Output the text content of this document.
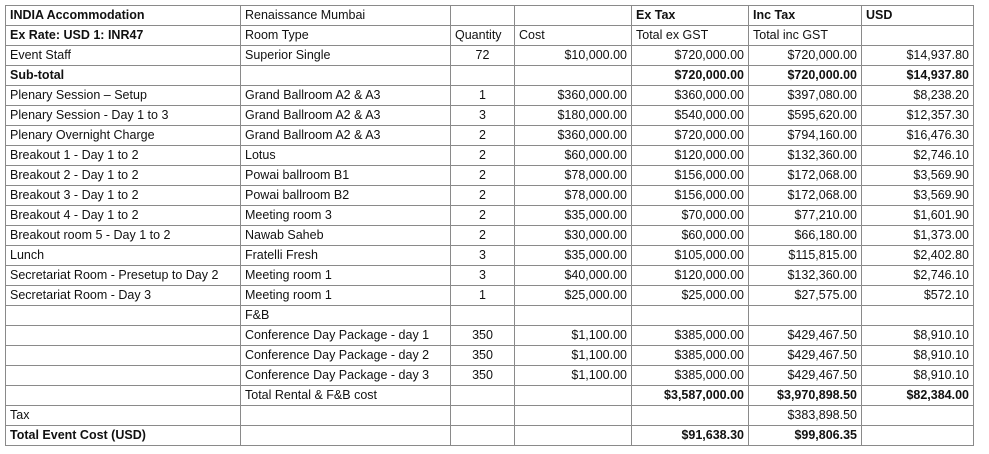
INDIA Accommodation	Renaissance Mumbai			Ex Tax	Inc Tax	USD
Ex Rate: USD 1: INR47	Room Type	Quantity	Cost	Total ex GST	Total inc GST	
Event Staff	Superior Single	72	$10,000.00	$720,000.00	$720,000.00	$14,937.80
Sub-total				$720,000.00	$720,000.00	$14,937.80
Plenary Session – Setup	Grand Ballroom A2 & A3	1	$360,000.00	$360,000.00	$397,080.00	$8,238.20
Plenary Session - Day 1 to 3	Grand Ballroom A2 & A3	3	$180,000.00	$540,000.00	$595,620.00	$12,357.30
Plenary Overnight Charge	Grand Ballroom A2 & A3	2	$360,000.00	$720,000.00	$794,160.00	$16,476.30
Breakout 1 - Day 1 to 2	Lotus	2	$60,000.00	$120,000.00	$132,360.00	$2,746.10
Breakout 2 - Day 1 to 2	Powai ballroom B1	2	$78,000.00	$156,000.00	$172,068.00	$3,569.90
Breakout 3 - Day 1 to 2	Powai ballroom B2	2	$78,000.00	$156,000.00	$172,068.00	$3,569.90
Breakout 4 - Day 1 to 2	Meeting room 3	2	$35,000.00	$70,000.00	$77,210.00	$1,601.90
Breakout room 5 - Day 1 to 2	Nawab Saheb	2	$30,000.00	$60,000.00	$66,180.00	$1,373.00
Lunch	Fratelli Fresh	3	$35,000.00	$105,000.00	$115,815.00	$2,402.80
Secretariat Room - Presetup to Day 2	Meeting room 1	3	$40,000.00	$120,000.00	$132,360.00	$2,746.10
Secretariat Room - Day 3	Meeting room 1	1	$25,000.00	$25,000.00	$27,575.00	$572.10
	F&B					
	Conference Day Package - day 1	350	$1,100.00	$385,000.00	$429,467.50	$8,910.10
	Conference Day Package - day 2	350	$1,100.00	$385,000.00	$429,467.50	$8,910.10
	Conference Day Package - day 3	350	$1,100.00	$385,000.00	$429,467.50	$8,910.10
	Total Rental & F&B cost			$3,587,000.00	$3,970,898.50	$82,384.00
Tax					$383,898.50	
Total Event Cost (USD)				$91,638.30	$99,806.35	
